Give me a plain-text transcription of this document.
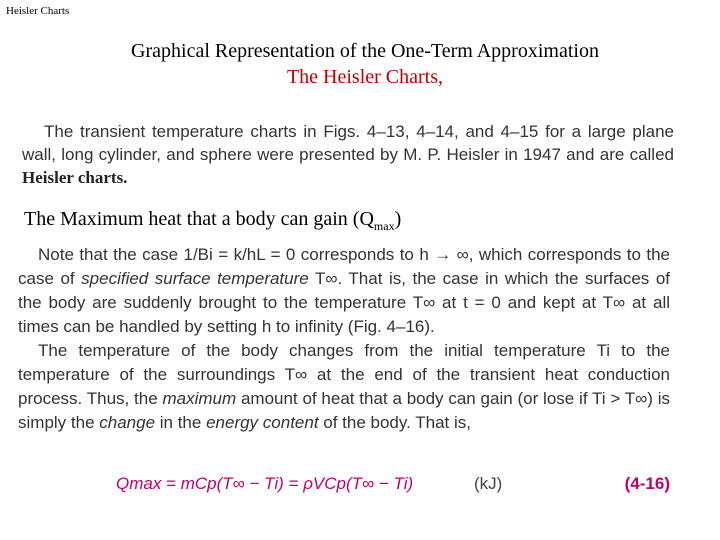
Heisler Charts
Graphical Representation of the One-Term Approximation
The Heisler Charts,
The transient temperature charts in Figs. 4–13, 4–14, and 4–15 for a large plane wall, long cylinder, and sphere were presented by M. P. Heisler in 1947 and are called Heisler charts.
The Maximum heat that a body can gain $(Q_{max})$

Note that the case 1/Bi = k/hL = 0 corresponds to h → ∞, which corresponds to the case of specified surface temperature T∞. That is, the case in which the surfaces of the body are suddenly brought to the temperature T∞ at t = 0 and kept at T∞ at all times can be handled by setting h to infinity (Fig. 4–16).

The temperature of the body changes from the initial temperature Ti to the temperature of the surroundings T∞ at the end of the transient heat conduction process. Thus, the maximum amount of heat that a body can gain (or lose if Ti > T∞) is simply the change in the energy content of the body. That is,

Qmax = mCp(T∞ − Ti) = ρVCp(T∞ − Ti)	(kJ)	(4-16)
